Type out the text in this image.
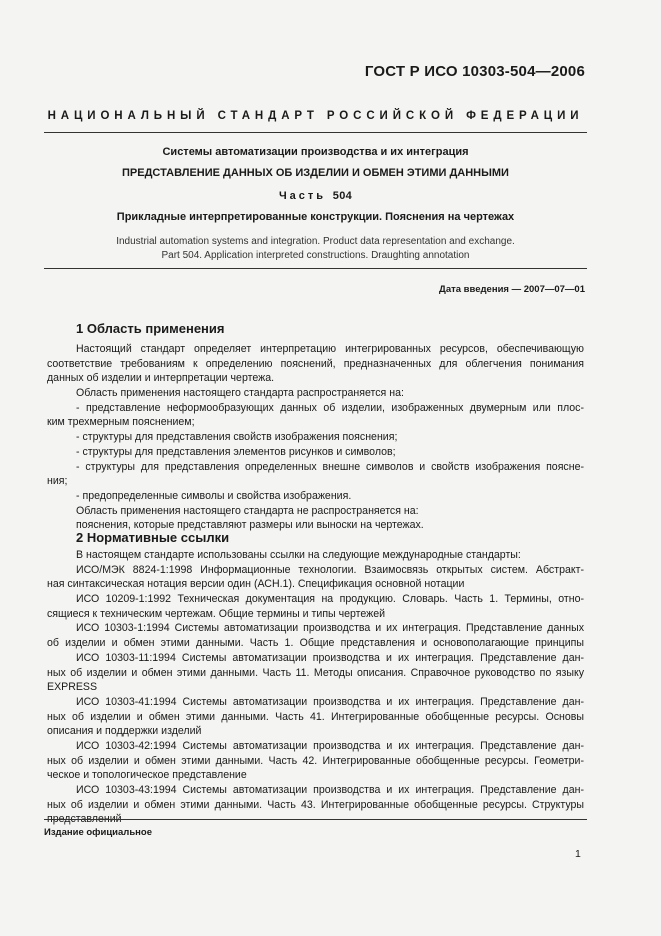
ГОСТ Р ИСО 10303-504—2006
НАЦИОНАЛЬНЫЙ СТАНДАРТ РОССИЙСКОЙ ФЕДЕРАЦИИ
Системы автоматизации производства и их интеграция
ПРЕДСТАВЛЕНИЕ ДАННЫХ ОБ ИЗДЕЛИИ И ОБМЕН ЭТИМИ ДАННЫМИ
Часть 504
Прикладные интерпретированные конструкции. Пояснения на чертежах
Industrial automation systems and integration. Product data representation and exchange.
Part 504. Application interpreted constructions. Draughting annotation
Дата введения — 2007—07—01
1 Область применения
Настоящий стандарт определяет интерпретацию интегрированных ресурсов, обеспечивающую
соответствие требованиям к определению пояснений, предназначенных для облегчения понимания
данных об изделии и интерпретации чертежа.
Область применения настоящего стандарта распространяется на:
- представление неформообразующих данных об изделии, изображенных двумерным или плос-
ким трехмерным пояснением;
- структуры для представления свойств изображения пояснения;
- структуры для представления элементов рисунков и символов;
- структуры для представления определенных внешне символов и свойств изображения поясне-
ния;
- предопределенные символы и свойства изображения.
Область применения настоящего стандарта не распространяется на:
пояснения, которые представляют размеры или выноски на чертежах.
2 Нормативные ссылки
В настоящем стандарте использованы ссылки на следующие международные стандарты:
ИСО/МЭК 8824-1:1998 Информационные технологии. Взаимосвязь открытых систем. Абстракт-
ная синтаксическая нотация версии один (АСН.1). Спецификация основной нотации
ИСО 10209-1:1992 Техническая документация на продукцию. Словарь. Часть 1. Термины, отно-
сящиеся к техническим чертежам. Общие термины и типы чертежей
ИСО 10303-1:1994 Системы автоматизации производства и их интеграция. Представление данных
об изделии и обмен этими данными. Часть 1. Общие представления и основополагающие принципы
ИСО 10303-11:1994 Системы автоматизации производства и их интеграция. Представление дан-
ных об изделии и обмен этими данными. Часть 11. Методы описания. Справочное руководство по языку
EXPRESS
ИСО 10303-41:1994 Системы автоматизации производства и их интеграция. Представление дан-
ных об изделии и обмен этими данными. Часть 41. Интегрированные обобщенные ресурсы. Основы
описания и поддержки изделий
ИСО 10303-42:1994 Системы автоматизации производства и их интеграция. Представление дан-
ных об изделии и обмен этими данными. Часть 42. Интегрированные обобщенные ресурсы. Геометри-
ческое и топологическое представление
ИСО 10303-43:1994 Системы автоматизации производства и их интеграция. Представление дан-
ных об изделии и обмен этими данными. Часть 43. Интегрированные обобщенные ресурсы. Структуры
представлений
Издание официальное
1
